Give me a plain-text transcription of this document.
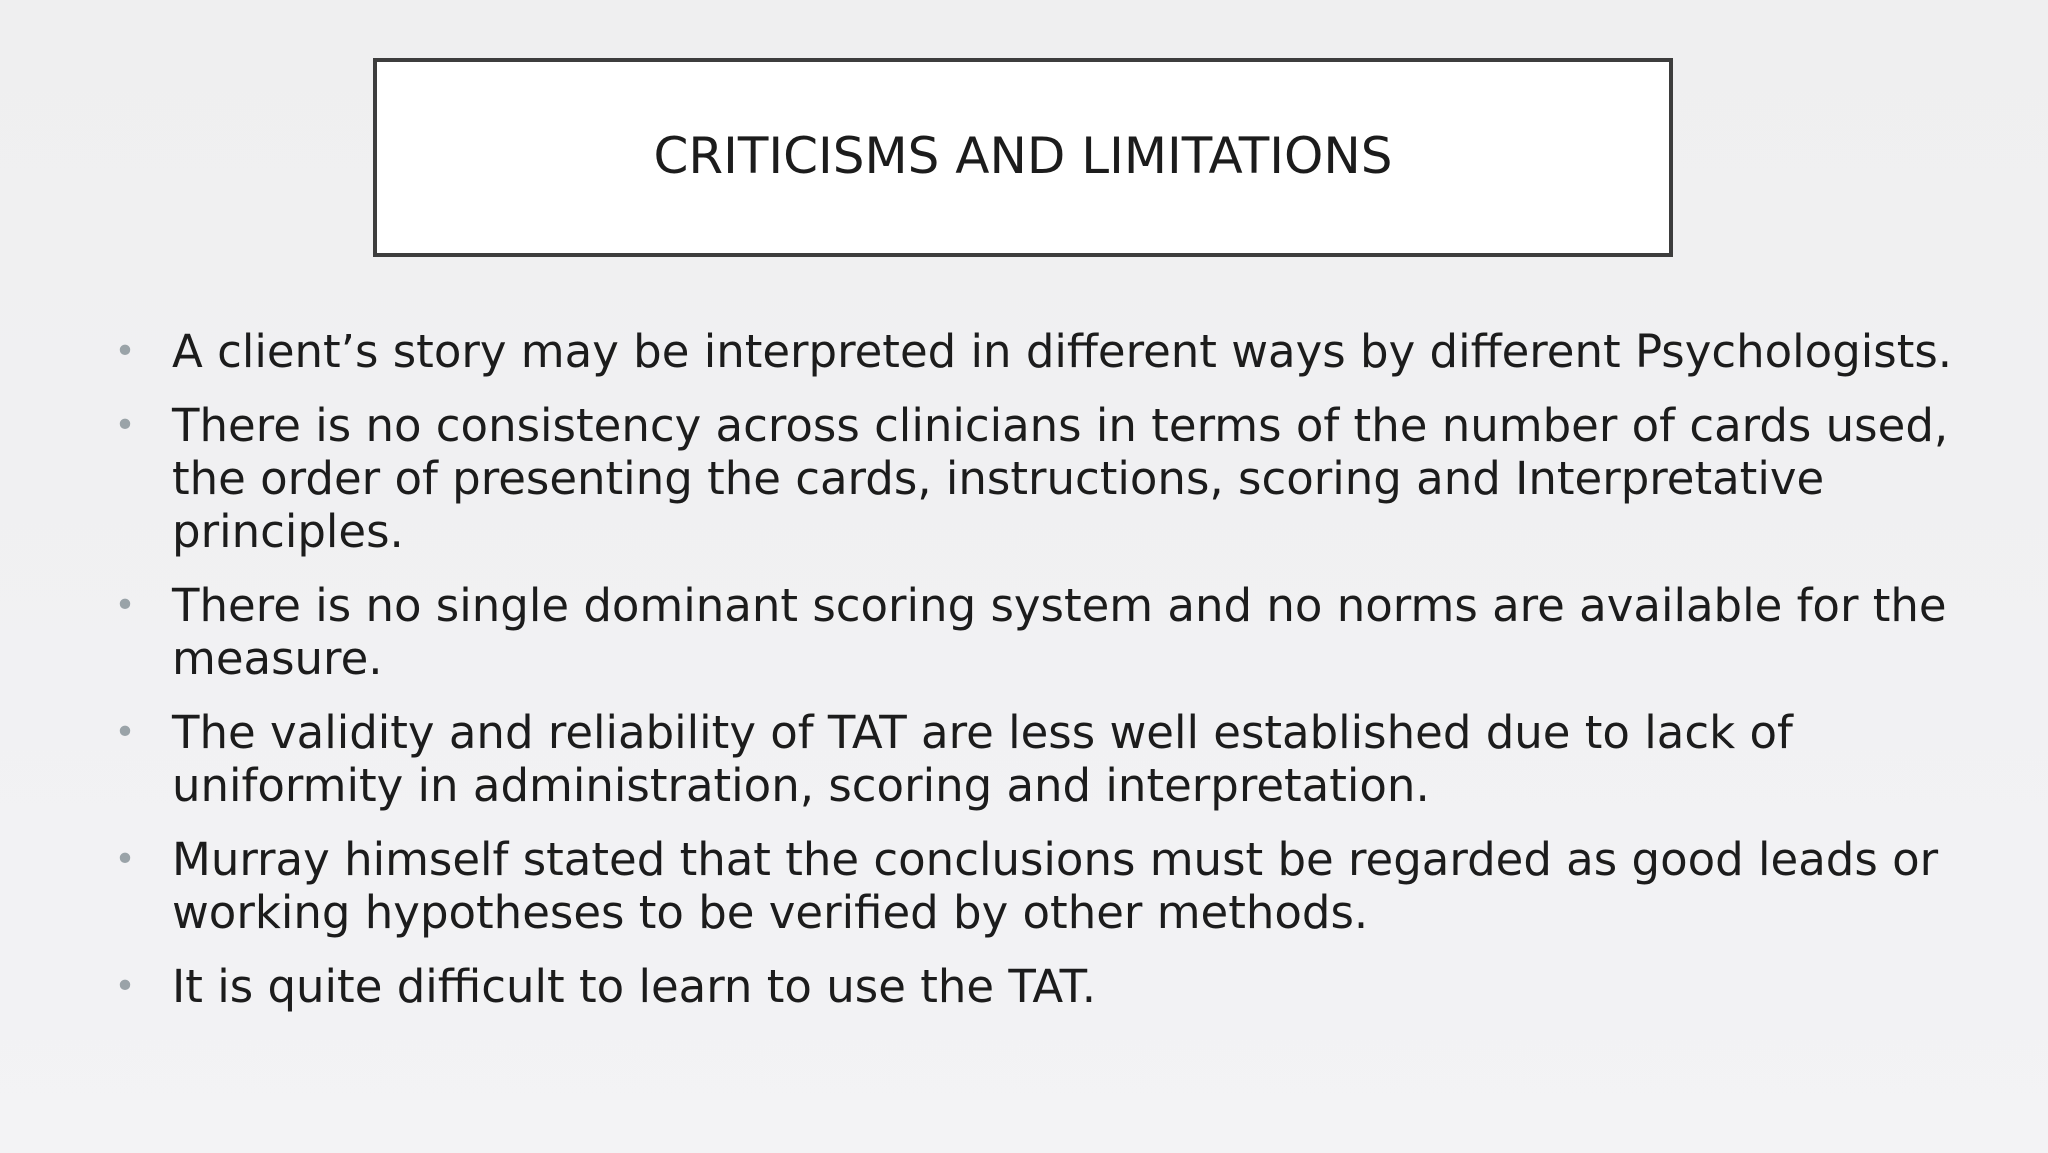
CRITICISMS AND LIMITATIONS
• A client’s story may be interpreted in different ways by different Psychologists.
• There is no consistency across clinicians in terms of the number of cards used, the order of presenting the cards, instructions, scoring and Interpretative principles.
• There is no single dominant scoring system and no norms are available for the measure.
• The validity and reliability of TAT are less well established due to lack of uniformity in administration, scoring and interpretation.
• Murray himself stated that the conclusions must be regarded as good leads or working hypotheses to be verified by other methods.
• It is quite difficult to learn to use the TAT.
